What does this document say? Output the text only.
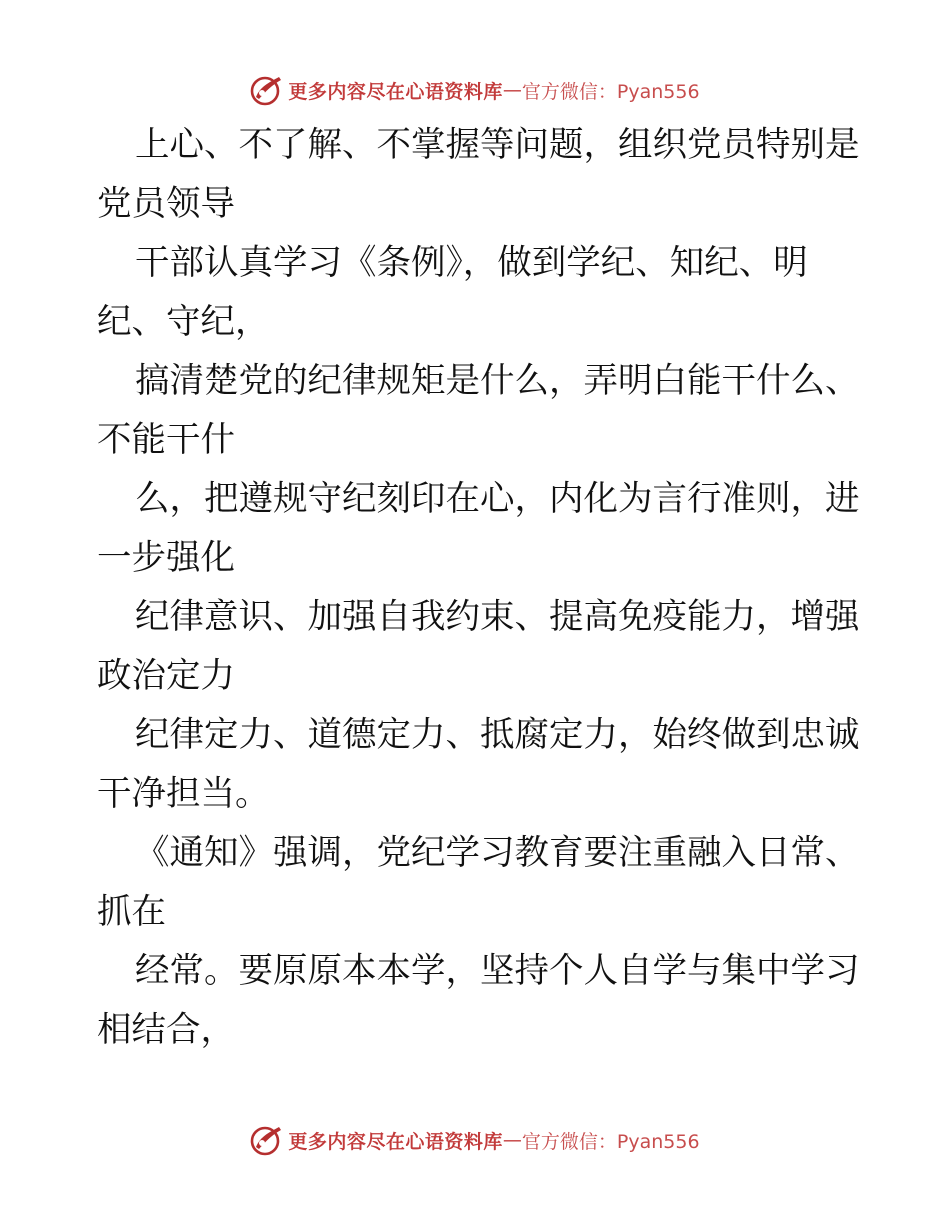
更多内容尽在心语资料库 — 官方微信：Pyan556
上心、不了解、不掌握等问题，组织党员特别是
党员领导
干部认真学习《条例》，做到学纪、知纪、明
纪、守纪，
搞清楚党的纪律规矩是什么，弄明白能干什么、
不能干什
么，把遵规守纪刻印在心，内化为言行准则，进
一步强化
纪律意识、加强自我约束、提高免疫能力，增强
政治定力
纪律定力、道德定力、抵腐定力，始终做到忠诚
干净担当。
《通知》强调，党纪学习教育要注重融入日常、
抓在
经常。要原原本本学，坚持个人自学与集中学习
相结合，
更多内容尽在心语资料库 — 官方微信：Pyan556
